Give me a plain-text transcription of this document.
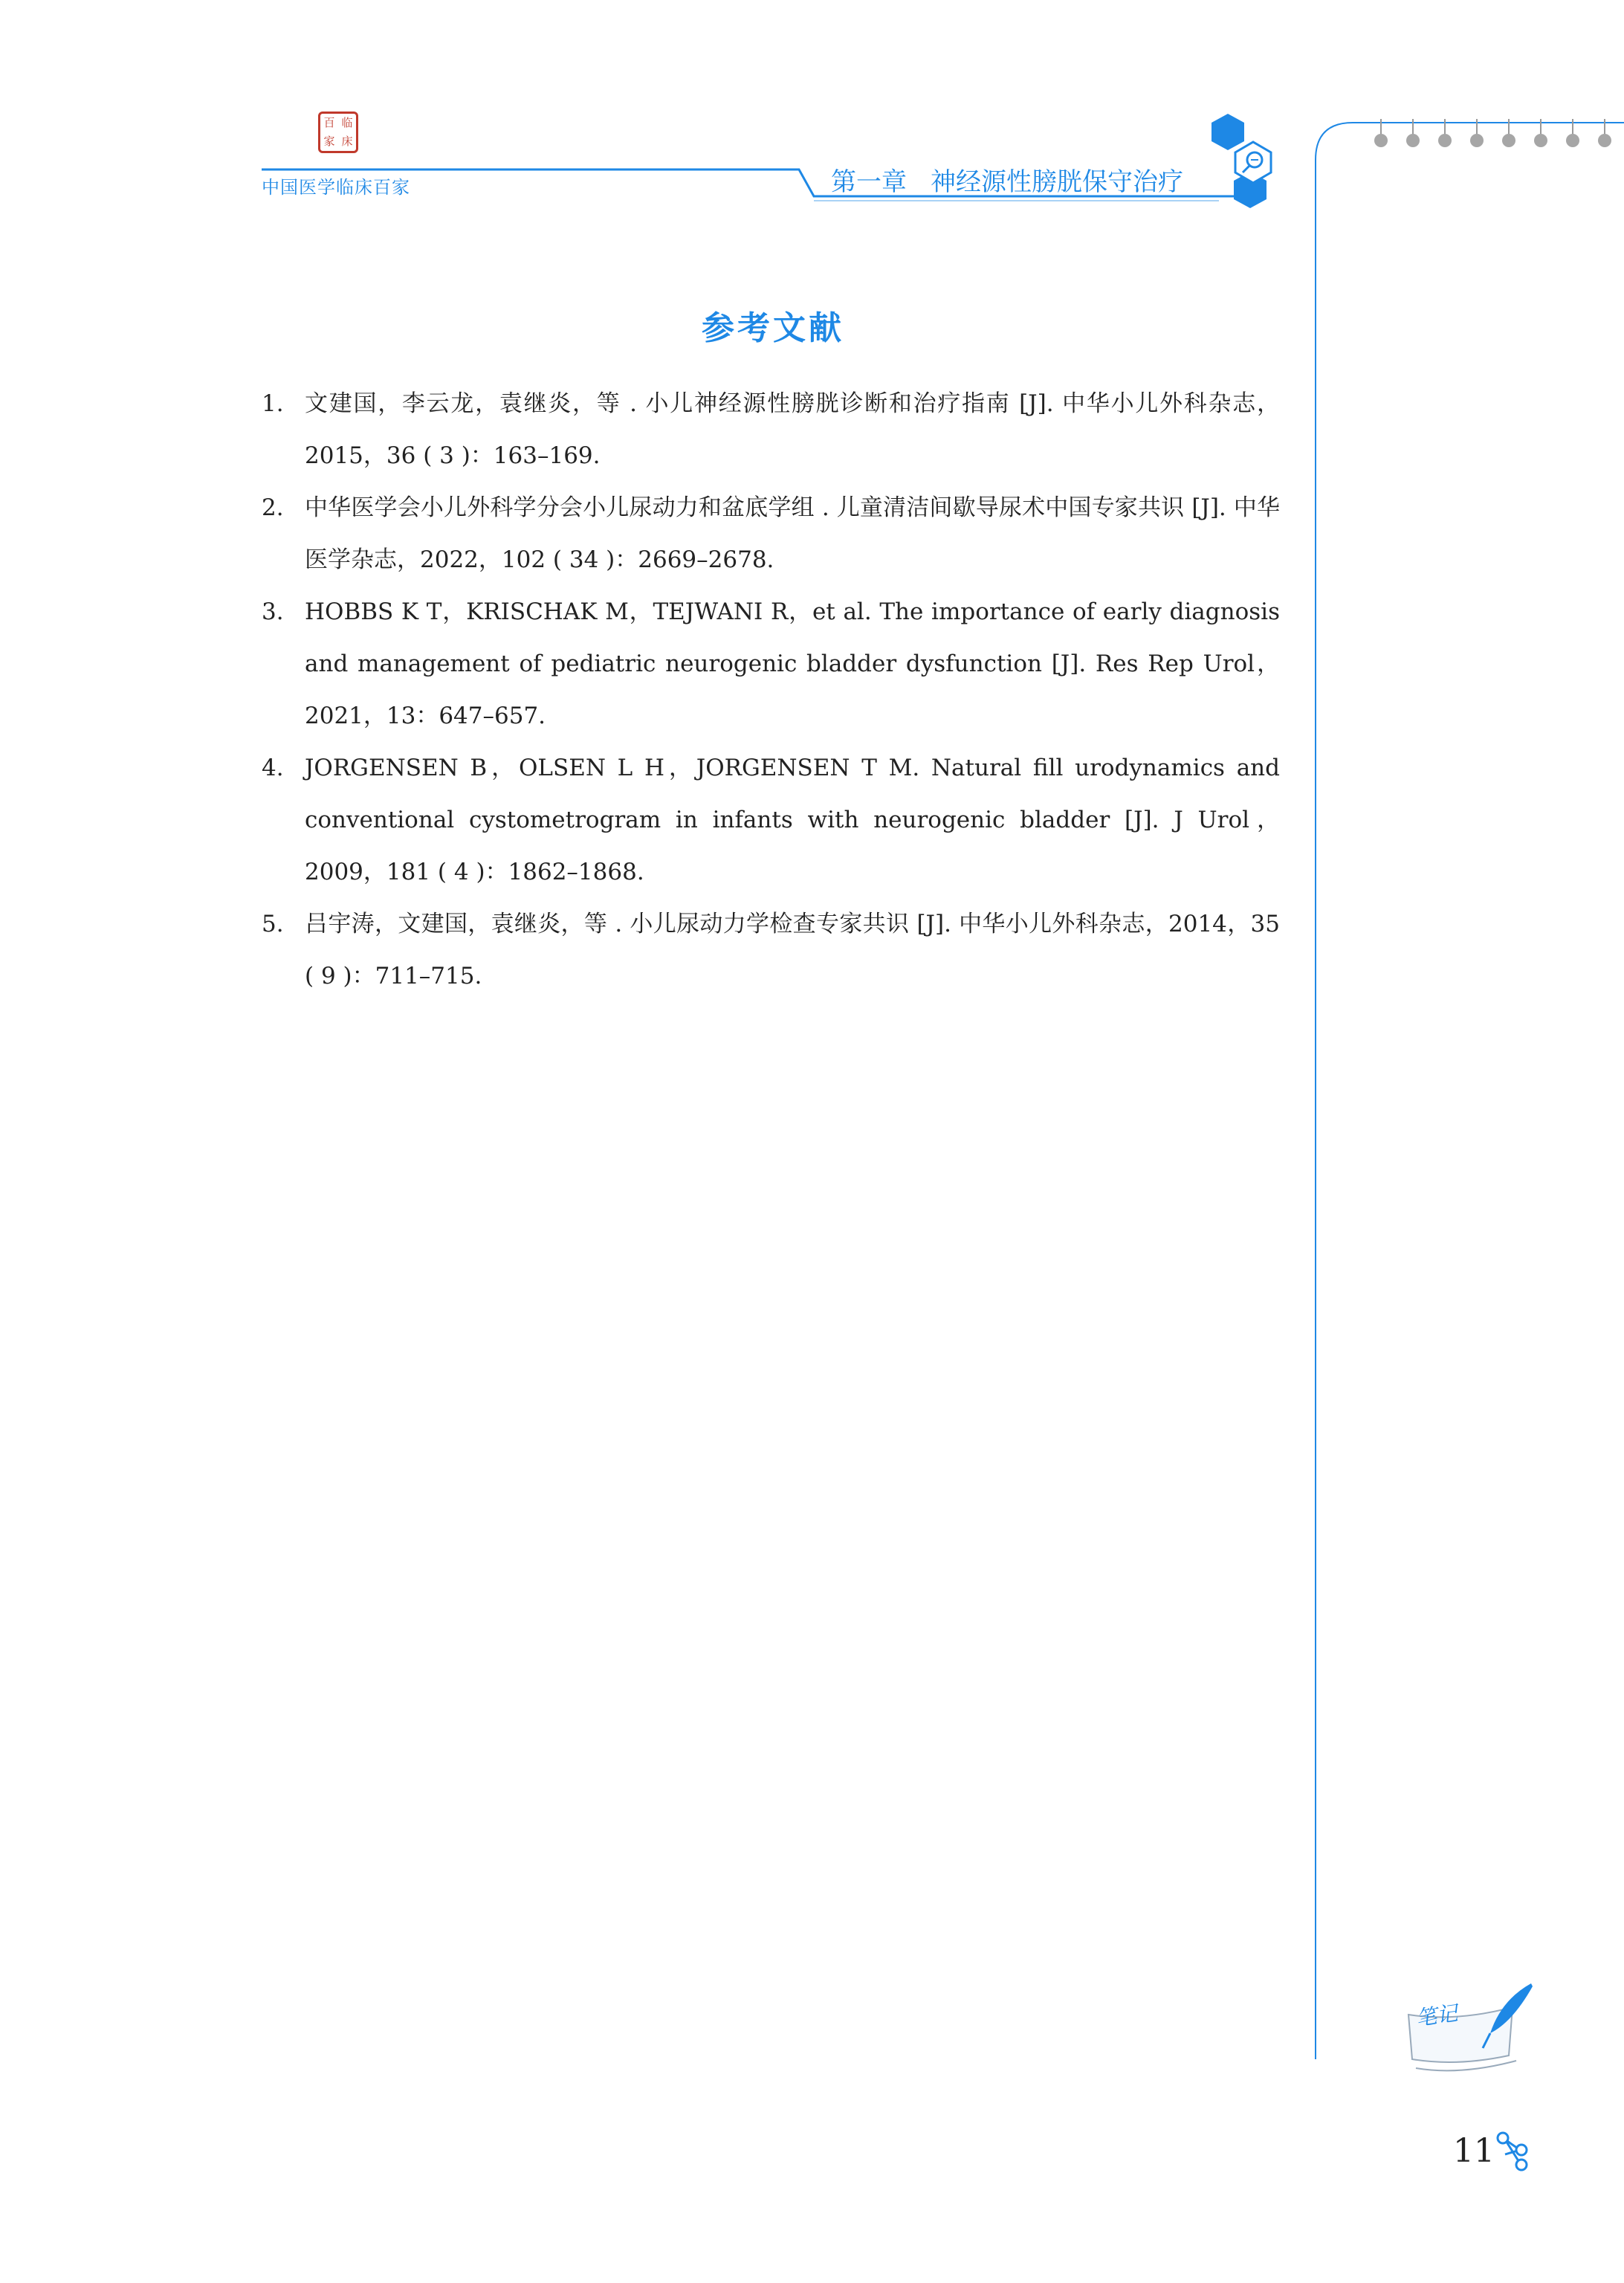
百 临
家 床
中国医学临床百家	第一章 神经源性膀胱保守治疗
参考文献
1. 文建国，李云龙，袁继炎，等 . 小儿神经源性膀胱诊断和治疗指南 [J]. 中华小儿外科杂志，2015，36 ( 3 )：163–169.
2. 中华医学会小儿外科学分会小儿尿动力和盆底学组 . 儿童清洁间歇导尿术中国专家共识 [J]. 中华医学杂志，2022，102 ( 34 )：2669–2678.
3. HOBBS K T，KRISCHAK M，TEJWANI R，et al. The importance of early diagnosis and management of pediatric neurogenic bladder dysfunction [J]. Res Rep Urol，2021，13：647–657.
4. JORGENSEN B，OLSEN L H，JORGENSEN T M. Natural fill urodynamics and conventional cystometrogram in infants with neurogenic bladder [J]. J Urol，2009，181 ( 4 )：1862–1868.
5. 吕宇涛，文建国，袁继炎，等 . 小儿尿动力学检查专家共识 [J]. 中华小儿外科杂志，2014，35 ( 9 )：711–715.
笔记
11
